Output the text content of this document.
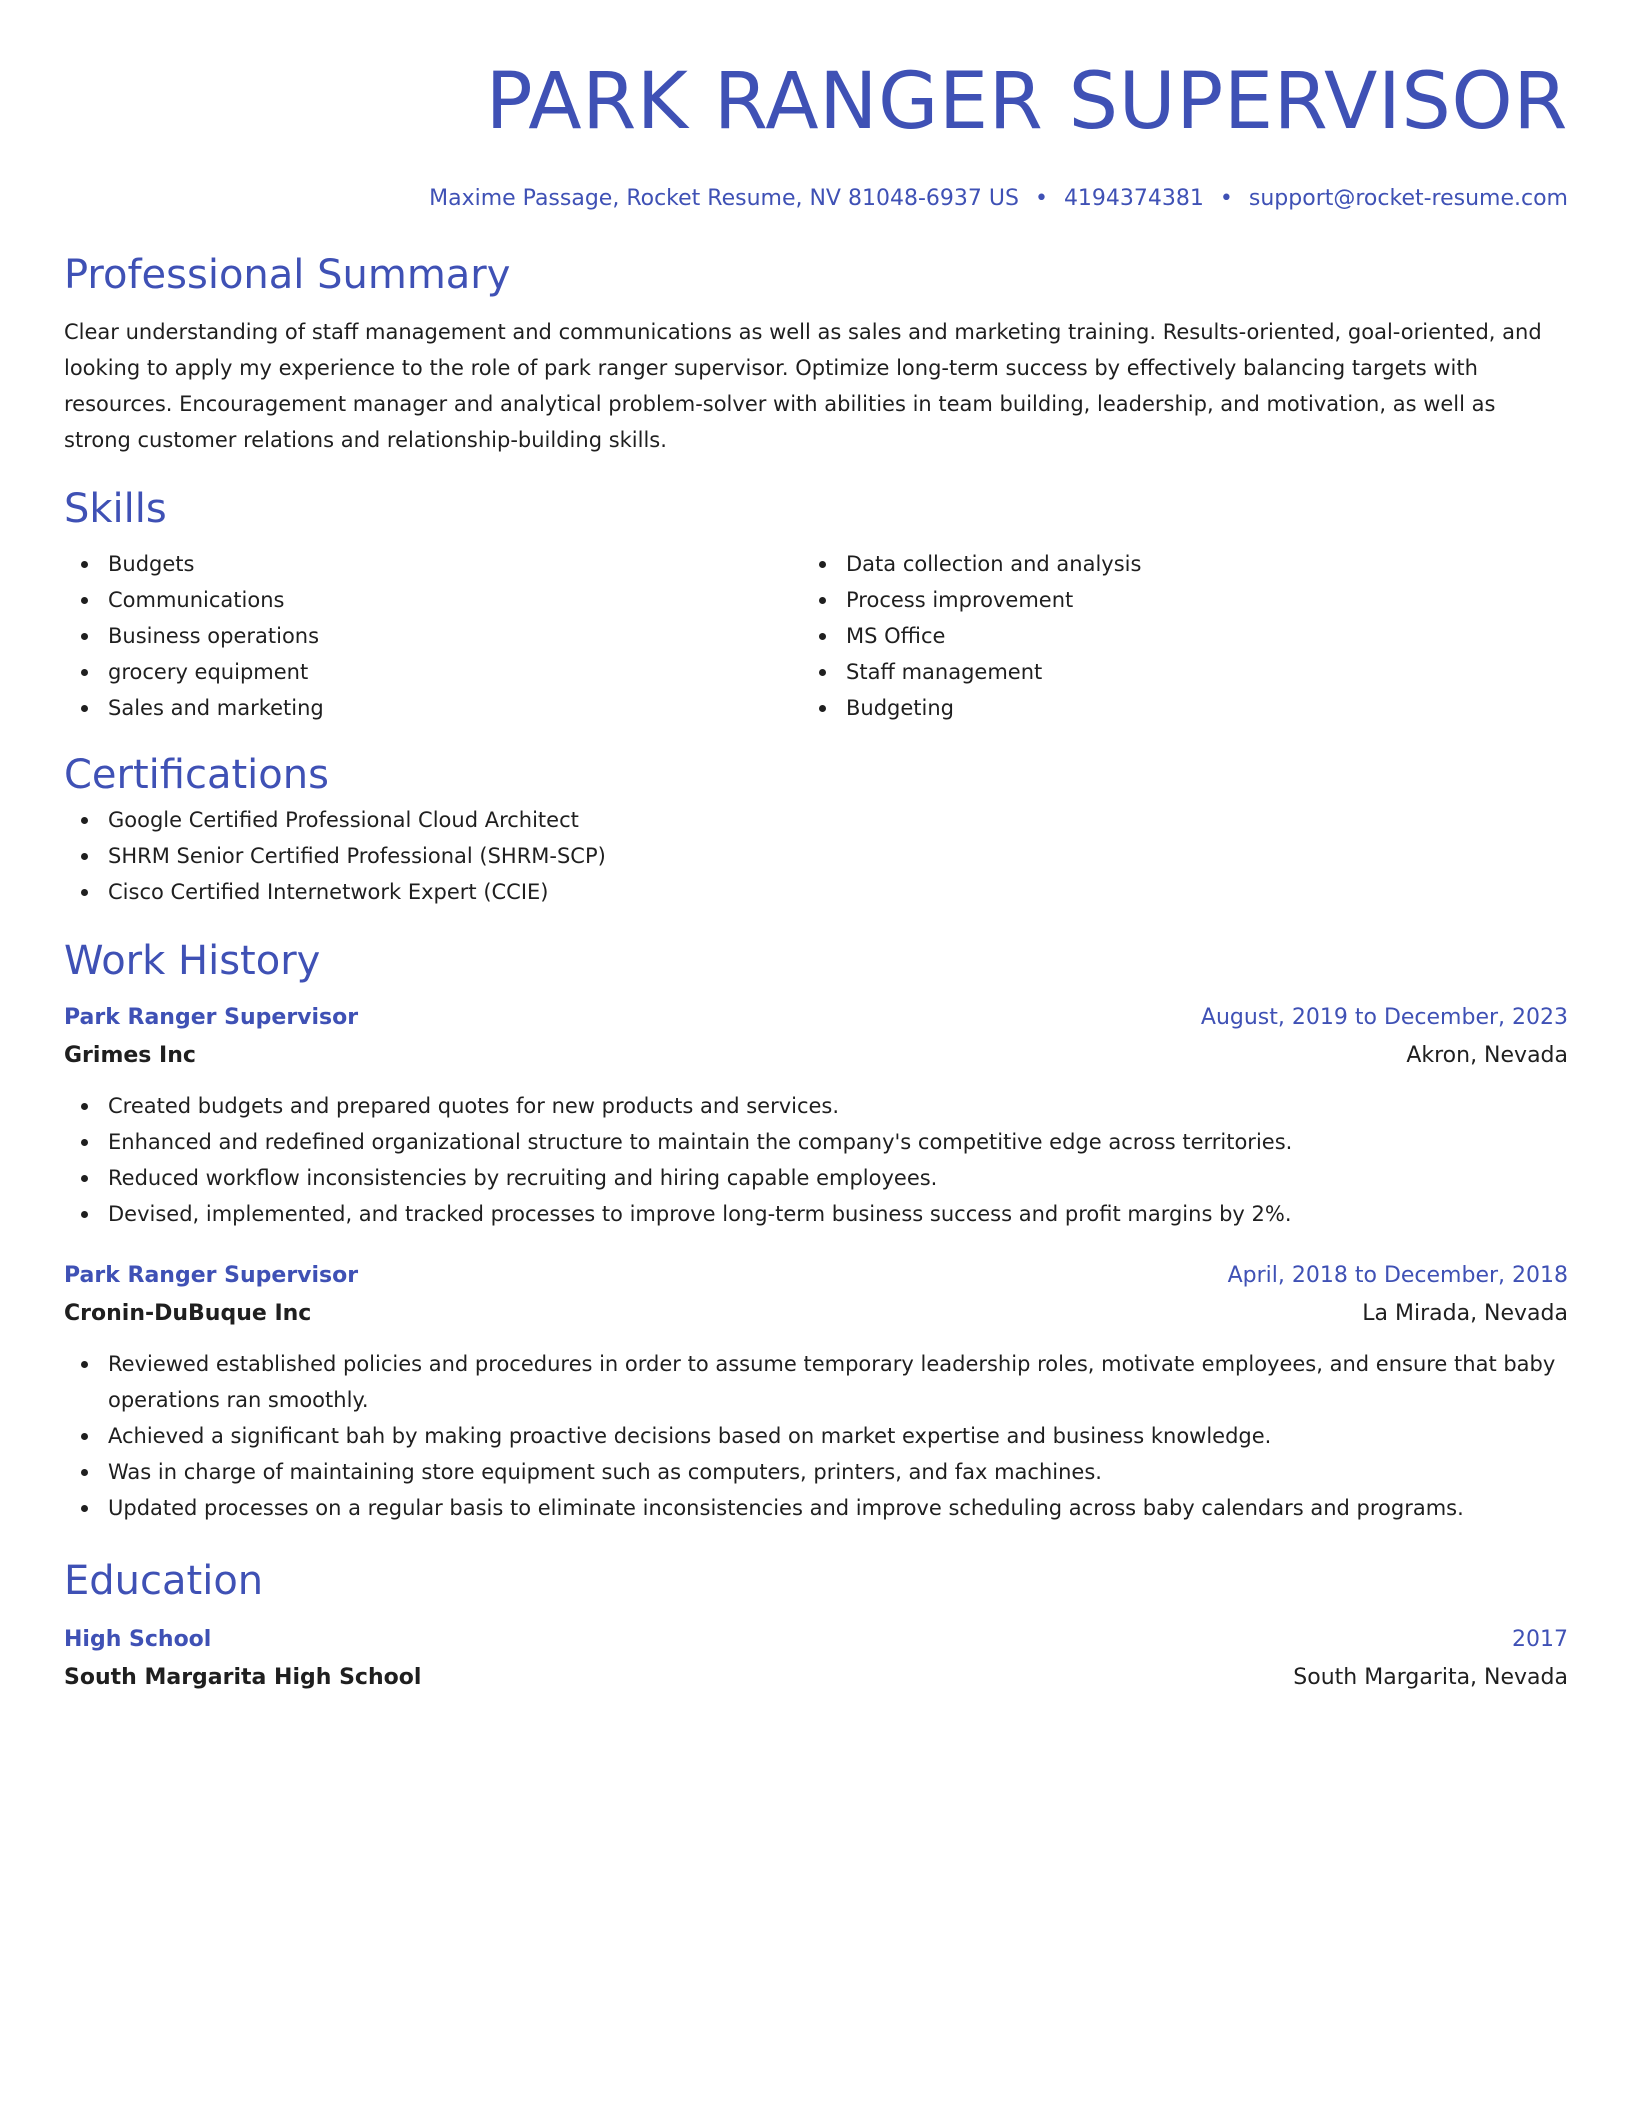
PARK RANGER SUPERVISOR
Maxime Passage, Rocket Resume, NV 81048-6937 US • 4194374381 • support@rocket-resume.com
Professional Summary

Clear understanding of staff management and communications as well as sales and marketing training. Results-oriented, goal-oriented, and looking to apply my experience to the role of park ranger supervisor. Optimize long-term success by effectively balancing targets with resources. Encouragement manager and analytical problem-solver with abilities in team building, leadership, and motivation, as well as strong customer relations and relationship-building skills.

Skills
Budgets
Communications
Business operations
grocery equipment
Sales and marketing
Data collection and analysis
Process improvement
MS Office
Staff management
Budgeting
Certifications
Google Certified Professional Cloud Architect
SHRM Senior Certified Professional (SHRM-SCP)
Cisco Certified Internetwork Expert (CCIE)
Work History
Park Ranger Supervisor	August, 2019 to December, 2023
Grimes Inc	Akron, Nevada
Created budgets and prepared quotes for new products and services.
Enhanced and redefined organizational structure to maintain the company's competitive edge across territories.
Reduced workflow inconsistencies by recruiting and hiring capable employees.
Devised, implemented, and tracked processes to improve long-term business success and profit margins by 2%.
Park Ranger Supervisor	April, 2018 to December, 2018
Cronin-DuBuque Inc	La Mirada, Nevada
Reviewed established policies and procedures in order to assume temporary leadership roles, motivate employees, and ensure that baby operations ran smoothly.
Achieved a significant bah by making proactive decisions based on market expertise and business knowledge.
Was in charge of maintaining store equipment such as computers, printers, and fax machines.
Updated processes on a regular basis to eliminate inconsistencies and improve scheduling across baby calendars and programs.
Education
High School	2017
South Margarita High School	South Margarita, Nevada
